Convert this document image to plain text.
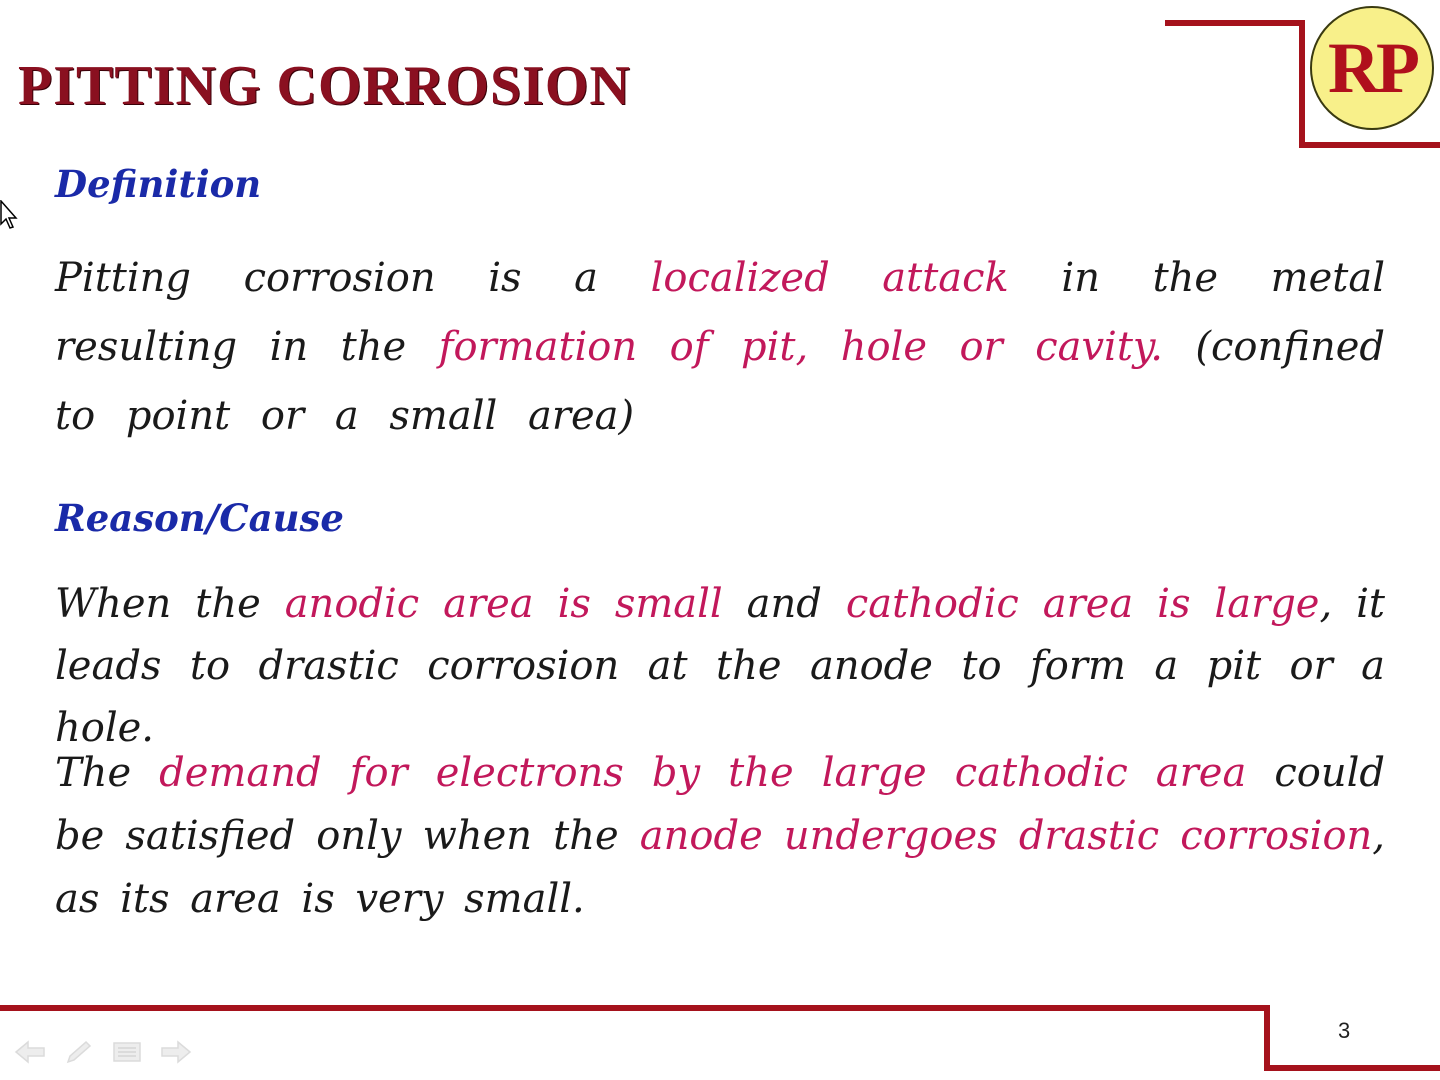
PITTING CORROSION	RP
Definition

Pitting corrosion is a localized attack in the metal resulting in the formation of pit, hole or cavity. (confined to point or a small area)

Reason/Cause

When the anodic area is small and cathodic area is large, it leads to drastic corrosion at the anode to form a pit or a hole.

The demand for electrons by the large cathodic area could be satisfied only when the anode undergoes drastic corrosion, as its area is very small.

3
